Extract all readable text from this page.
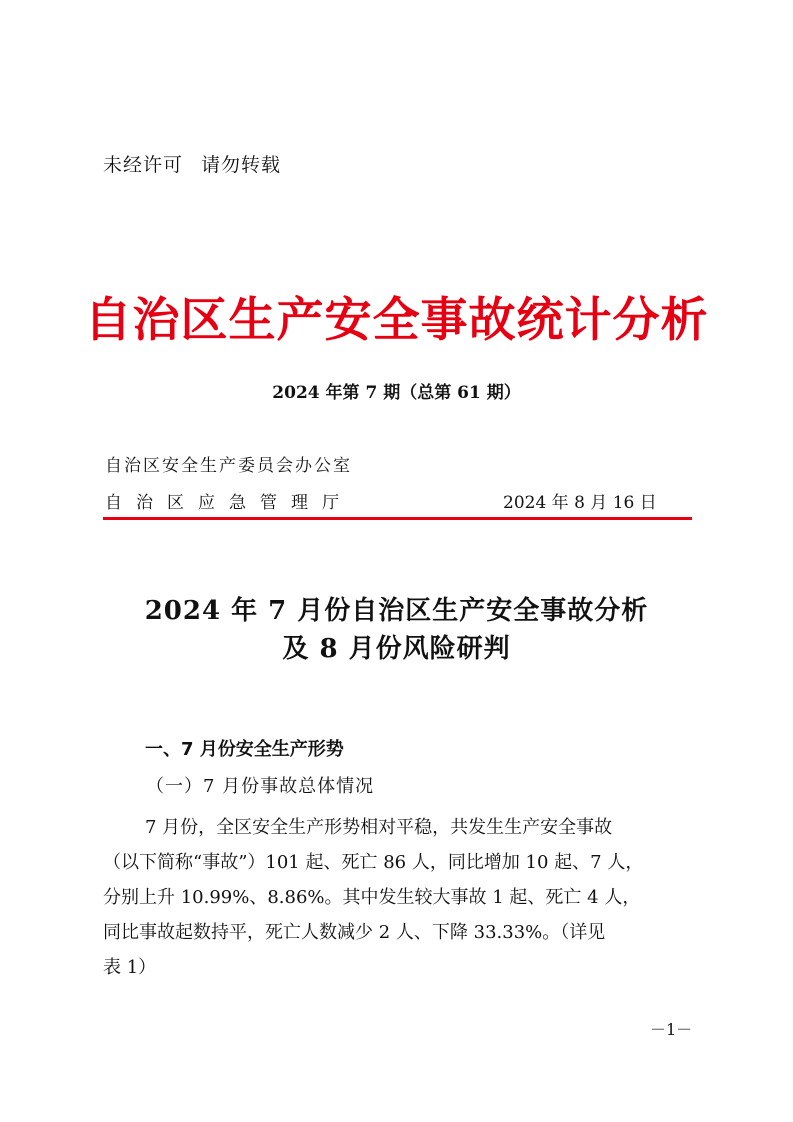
未经许可 请勿转载
自治区生产安全事故统计分析
2024 年第 7 期（总第 61 期）
自治区安全生产委员会办公室
自治区应急管理厅	2024 年 8 月 16 日
2024 年 7 月份自治区生产安全事故分析
及 8 月份风险研判
一、7 月份安全生产形势
（一）7 月份事故总体情况
7 月份，全区安全生产形势相对平稳，共发生生产安全事故
（以下简称“事故”）101 起、死亡 86 人，同比增加 10 起、7 人，
分别上升 10.99%、8.86%。其中发生较大事故 1 起、死亡 4 人，
同比事故起数持平，死亡人数减少 2 人、下降 33.33%。（详见
表 1）
－1－
